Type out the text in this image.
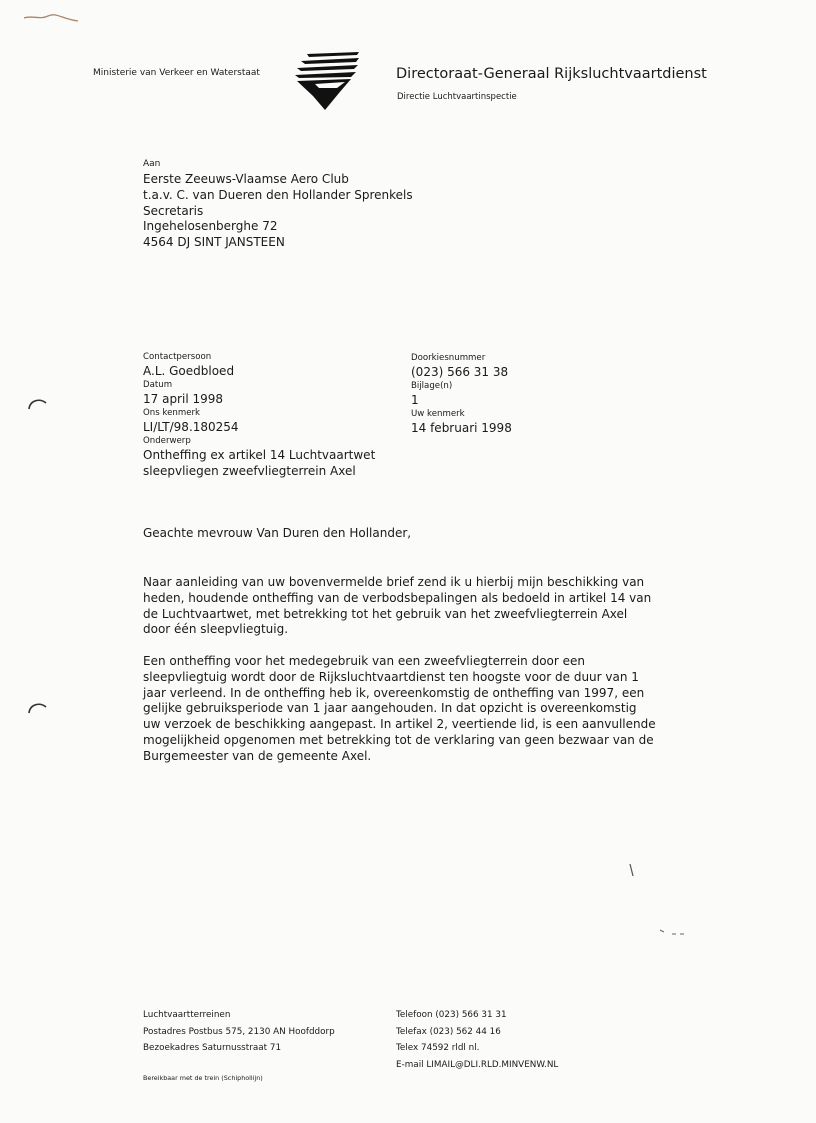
Ministerie van Verkeer en Waterstaat	Directoraat-Generaal Rijksluchtvaartdienst
Directie Luchtvaartinspectie
Aan
Eerste Zeeuws-Vlaamse Aero Club
t.a.v. C. van Dueren den Hollander Sprenkels
Secretaris
Ingehelosenberghe 72
4564 DJ SINT JANSTEEN
Contactpersoon
A.L. Goedbloed
Datum
17 april 1998
Ons kenmerk
LI/LT/98.180254
Onderwerp
Ontheffing ex artikel 14 Luchtvaartwet
sleepvliegen zweefvliegterrein Axel
Doorkiesnummer
(023) 566 31 38
Bijlage(n)
1
Uw kenmerk
14 februari 1998
Geachte mevrouw Van Duren den Hollander,
Naar aanleiding van uw bovenvermelde brief zend ik u hierbij mijn beschikking van
heden, houdende ontheffing van de verbodsbepalingen als bedoeld in artikel 14 van
de Luchtvaartwet, met betrekking tot het gebruik van het zweefvliegterrein Axel
door één sleepvliegtuig.
Een ontheffing voor het medegebruik van een zweefvliegterrein door een
sleepvliegtuig wordt door de Rijksluchtvaartdienst ten hoogste voor de duur van 1
jaar verleend. In de ontheffing heb ik, overeenkomstig de ontheffing van 1997, een
gelijke gebruiksperiode van 1 jaar aangehouden. In dat opzicht is overeenkomstig
uw verzoek de beschikking aangepast. In artikel 2, veertiende lid, is een aanvullende
mogelijkheid opgenomen met betrekking tot de verklaring van geen bezwaar van de
Burgemeester van de gemeente Axel.
Luchtvaartterreinen
Postadres Postbus 575, 2130 AN Hoofddorp
Bezoekadres Saturnusstraat 71
Telefoon (023) 566 31 31
Telefax (023) 562 44 16
Telex 74592 rldl nl.
E-mail LIMAIL@DLI.RLD.MINVENW.NL
Bereikbaar met de trein (Schiphollijn)
